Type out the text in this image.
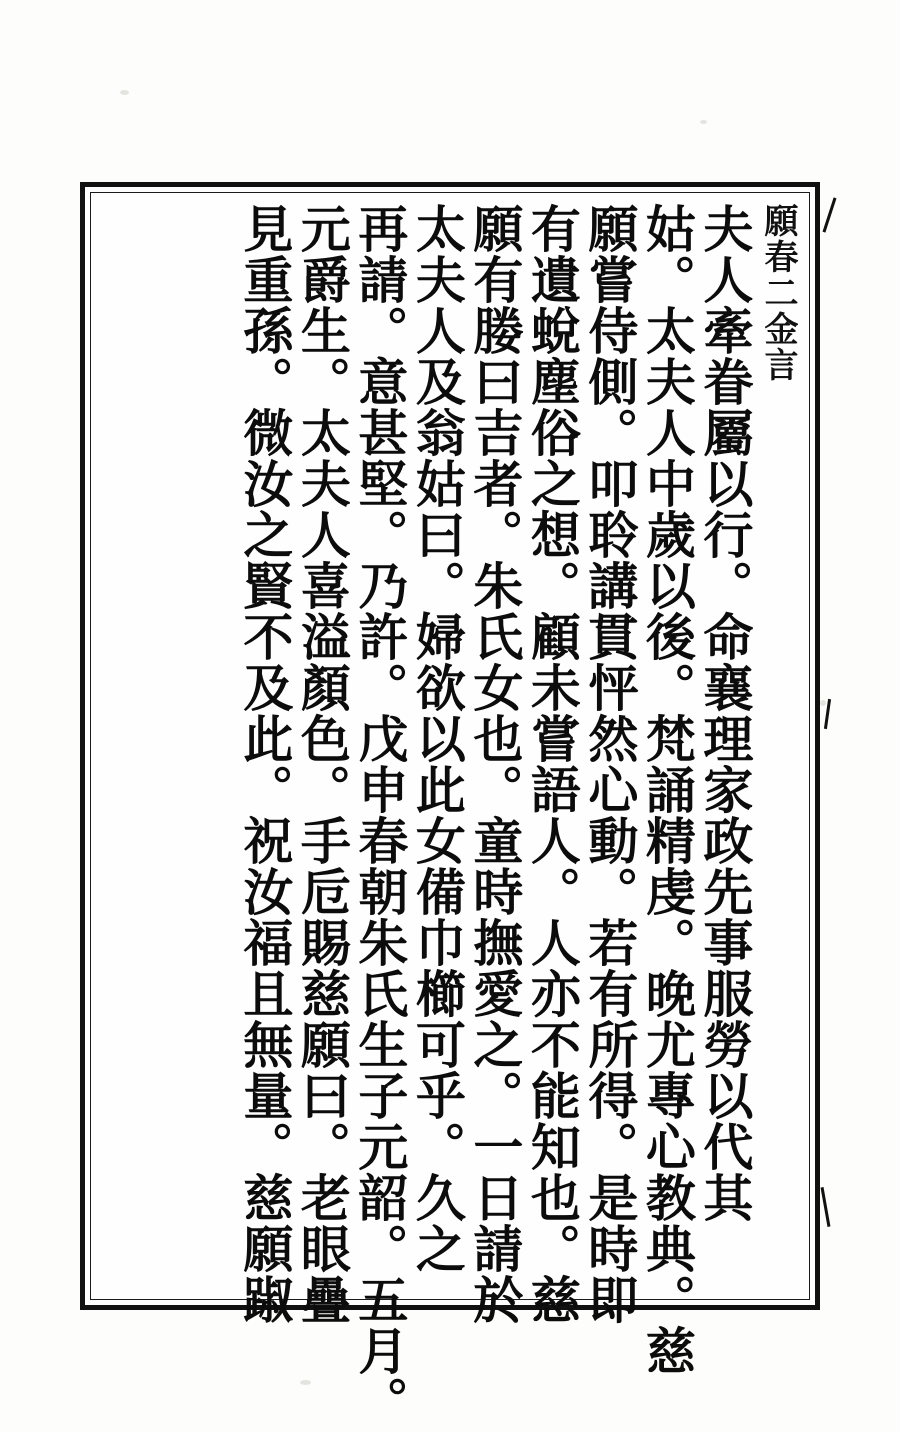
願春二金言
夫人牽眷屬以行。命襄理家政先事服勞以代其
姑。太夫人中歲以後。梵誦精虔。晚尤專心教典。慈
願嘗侍側。叩聆講貫怦然心動。若有所得。是時即
有遺蛻塵俗之想。顧未嘗語人。人亦不能知也。慈
願有媵曰吉者。朱氏女也。童時撫愛之。一日請於
太夫人及翁姑曰。婦欲以此女備巾櫛可乎。久之
再請。意甚堅。乃許。戊申春朝朱氏生子元韶。五月。
元爵生。太夫人喜溢顏色。手卮賜慈願曰。老眼疊
見重孫。微汝之賢不及此。祝汝福且無量。慈願踧
